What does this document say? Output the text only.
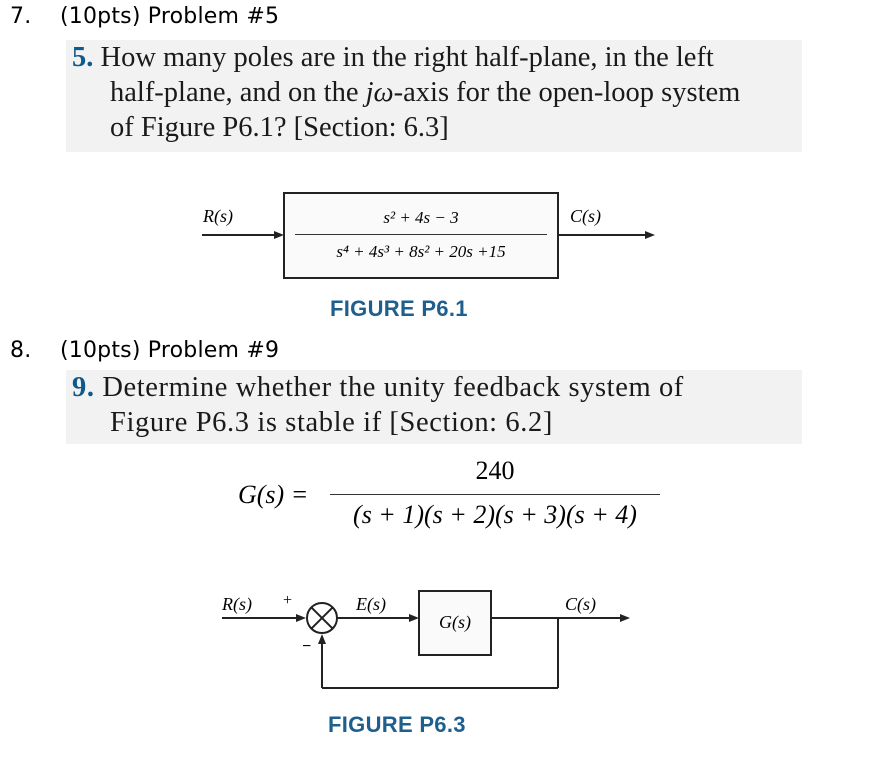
7. (10pts) Problem #5
5. How many poles are in the right half-plane, in the left
half-plane, and on the jω-axis for the open-loop system
of Figure P6.1? [Section: 6.3]
R(s)	C(s)
s² + 4s − 3
s⁴ + 4s³ + 8s² + 20s +15
FIGURE P6.1
8. (10pts) Problem #9
9. Determine whether the unity feedback system of
Figure P6.3 is stable if [Section: 6.2]
G(s) =
240
(s + 1)(s + 2)(s + 3)(s + 4)
R(s) +
−
E(s)
G(s)
C(s)
FIGURE P6.3
